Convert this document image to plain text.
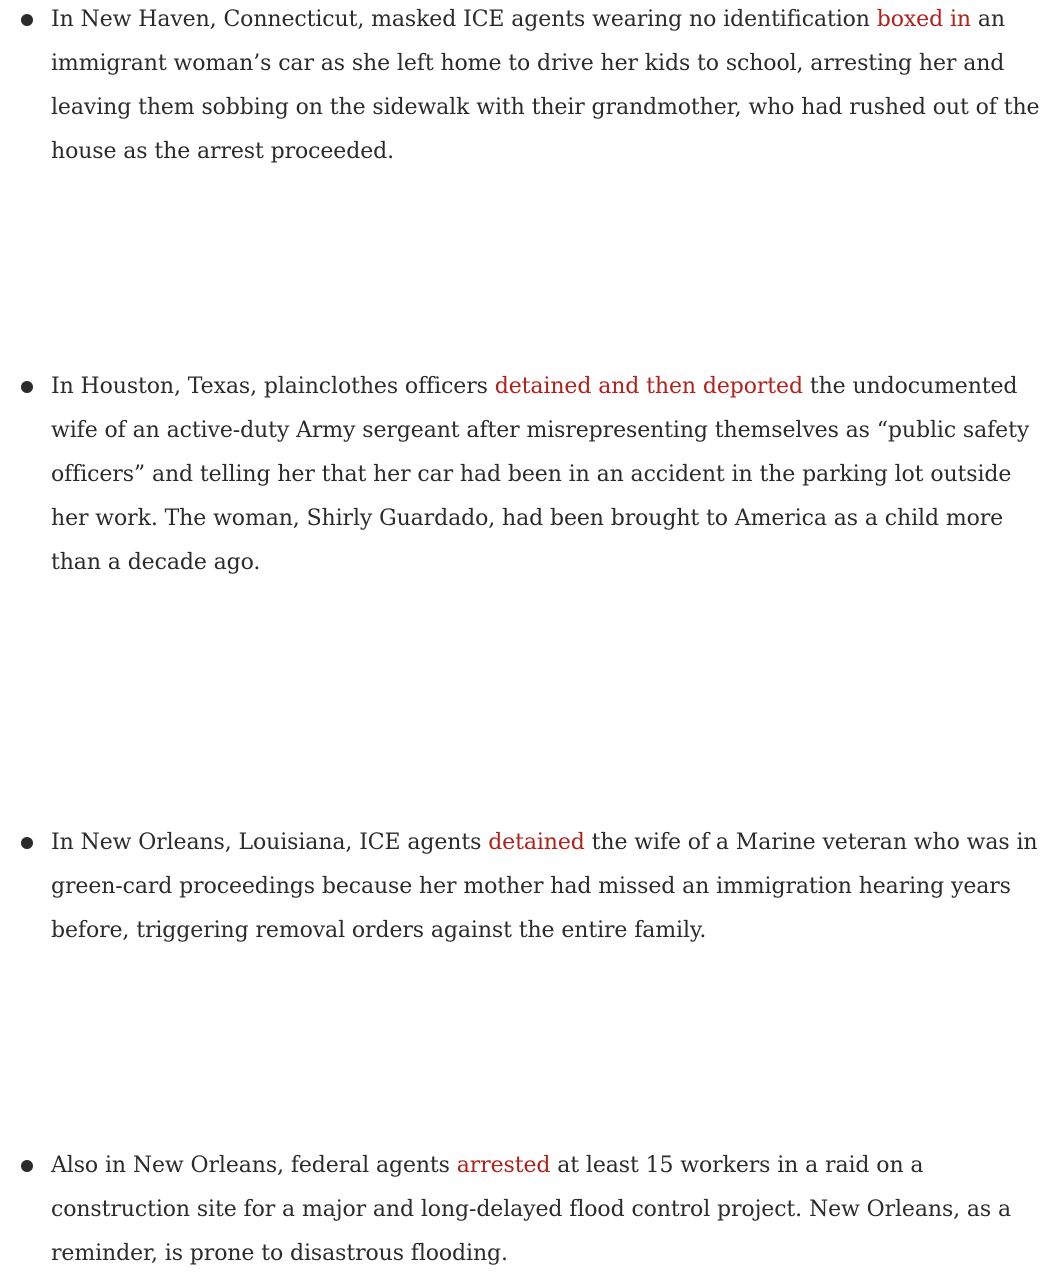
In New Haven, Connecticut, masked ICE agents wearing no identification boxed in an immigrant woman’s car as she left home to drive her kids to school, arresting her and leaving them sobbing on the sidewalk with their grandmother, who had rushed out of the house as the arrest proceeded.
In Houston, Texas, plainclothes officers detained and then deported the undocumented wife of an active-duty Army sergeant after misrepresenting themselves as “public safety officers” and telling her that her car had been in an accident in the parking lot outside her work. The woman, Shirly Guardado, had been brought to America as a child more than a decade ago.
In New Orleans, Louisiana, ICE agents detained the wife of a Marine veteran who was in green-card proceedings because her mother had missed an immigration hearing years before, triggering removal orders against the entire family.
Also in New Orleans, federal agents arrested at least 15 workers in a raid on a construction site for a major and long-delayed flood control project. New Orleans, as a reminder, is prone to disastrous flooding.
